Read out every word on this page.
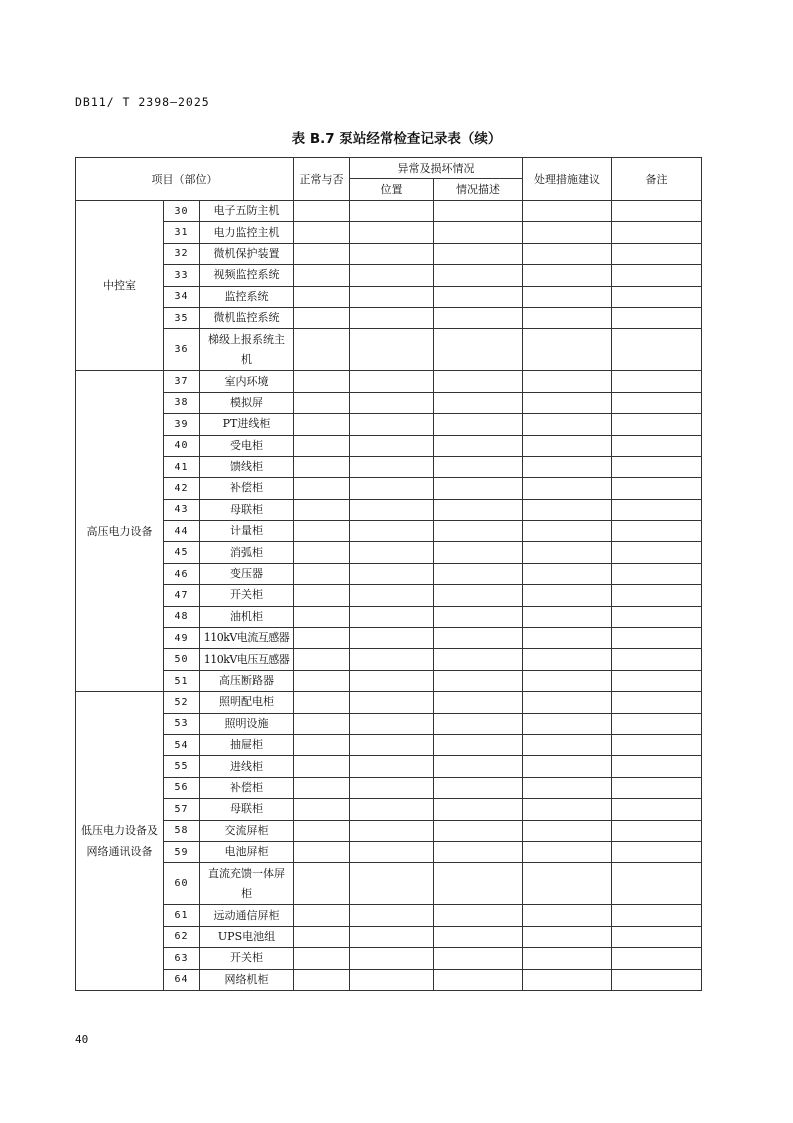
DB11/ T 2398—2025
表 B.7 泵站经常检查记录表（续）
项目（部位）			正常与否	异常及损坏情况		处理措施建议	备注
				位置	情况描述		
中控室	30	电子五防主机					
	31	电力监控主机					
	32	微机保护装置					
	33	视频监控系统					
	34	监控系统					
	35	微机监控系统					
	36	梯级上报系统主机					
高压电力设备	37	室内环境					
	38	模拟屏					
	39	PT进线柜					
	40	受电柜					
	41	馈线柜					
	42	补偿柜					
	43	母联柜					
	44	计量柜					
	45	消弧柜					
	46	变压器					
	47	开关柜					
	48	油机柜					
	49	110kV电流互感器					
	50	110kV电压互感器					
	51	高压断路器					
低压电力设备及网络通讯设备	52	照明配电柜					
	53	照明设施					
	54	抽屉柜					
	55	进线柜					
	56	补偿柜					
	57	母联柜					
	58	交流屏柜					
	59	电池屏柜					
	60	直流充馈一体屏柜					
	61	远动通信屏柜					
	62	UPS电池组					
	63	开关柜					
	64	网络机柜					
40
